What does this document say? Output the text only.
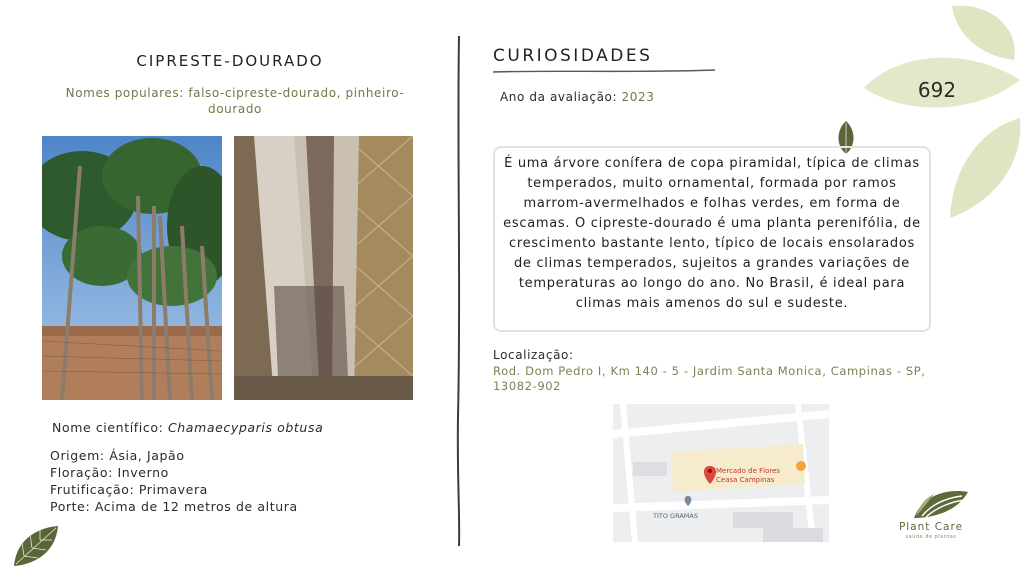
692
CIPRESTE-DOURADO
Nomes populares: falso-cipreste-dourado, pinheiro-dourado
Nome científico: Chamaecyparis obtusa
Origem: Ásia, Japão
Floração: Inverno
Frutificação: Primavera
Porte: Acima de 12 metros de altura
CURIOSIDADES
Ano da avaliação: 2023
É uma árvore conífera de copa piramidal, típica de climas temperados, muito ornamental, formada por ramos marrom-avermelhados e folhas verdes, em forma de escamas. O cipreste-dourado é uma planta perenifólia, de crescimento bastante lento, típico de locais ensolarados de climas temperados, sujeitos a grandes variações de temperaturas ao longo do ano. No Brasil, é ideal para climas mais amenos do sul e sudeste.
Localização:
Rod. Dom Pedro I, Km 140 - 5 - Jardim Santa Monica, Campinas - SP, 13082-902
Mercado de Flores
Ceasa Campinas
TITO GRAMAS
Plant Care
saúde de plantas
